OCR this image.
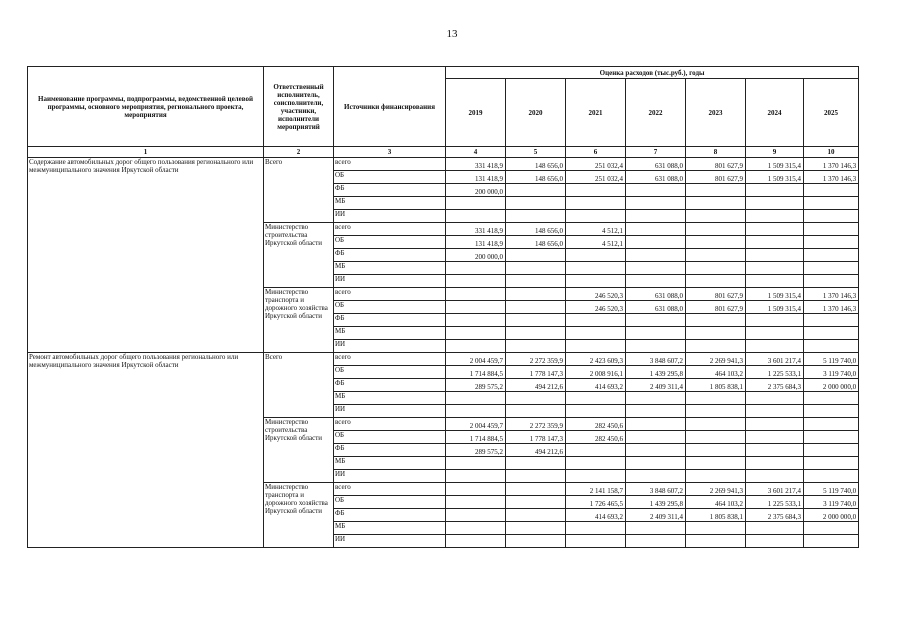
13
Наименование программы, подпрограммы, ведомственной целевой программы, основного мероприятия, регионального проекта, мероприятия	Ответственный исполнитель, соисполнители, участники, исполнители мероприятий	Источники финансирования	Оценка расходов (тыс.руб.), годы						
			2019	2020	2021	2022	2023	2024	2025
1	2	3	4	5	6	7	8	9	10
Содержание автомобильных дорог общего пользования регионального или межмуниципального значения Иркутской области	Всего	всего	331 418,9	148 656,0	251 032,4	631 088,0	801 627,9	1 509 315,4	1 370 146,3
		ОБ	131 418,9	148 656,0	251 032,4	631 088,0	801 627,9	1 509 315,4	1 370 146,3
		ФБ	200 000,0						
		МБ							
		ИИ							
	Министерство строительства Иркутской области	всего	331 418,9	148 656,0	4 512,1				
		ОБ	131 418,9	148 656,0	4 512,1				
		ФБ	200 000,0						
		МБ							
		ИИ							
	Министерство транспорта и дорожного хозяйства Иркутской области	всего			246 520,3	631 088,0	801 627,9	1 509 315,4	1 370 146,3
		ОБ			246 520,3	631 088,0	801 627,9	1 509 315,4	1 370 146,3
		ФБ							
		МБ							
		ИИ							
Ремонт автомобильных дорог общего пользования регионального или межмуниципального значения Иркутской области	Всего	всего	2 004 459,7	2 272 359,9	2 423 609,3	3 848 607,2	2 269 941,3	3 601 217,4	5 119 740,0
		ОБ	1 714 884,5	1 778 147,3	2 008 916,1	1 439 295,8	464 103,2	1 225 533,1	3 119 740,0
		ФБ	289 575,2	494 212,6	414 693,2	2 409 311,4	1 805 838,1	2 375 684,3	2 000 000,0
		МБ							
		ИИ							
	Министерство строительства Иркутской области	всего	2 004 459,7	2 272 359,9	282 450,6				
		ОБ	1 714 884,5	1 778 147,3	282 450,6				
		ФБ	289 575,2	494 212,6					
		МБ							
		ИИ							
	Министерство транспорта и дорожного хозяйства Иркутской области	всего			2 141 158,7	3 848 607,2	2 269 941,3	3 601 217,4	5 119 740,0
		ОБ			1 726 465,5	1 439 295,8	464 103,2	1 225 533,1	3 119 740,0
		ФБ			414 693,2	2 409 311,4	1 805 838,1	2 375 684,3	2 000 000,0
		МБ							
		ИИ							
